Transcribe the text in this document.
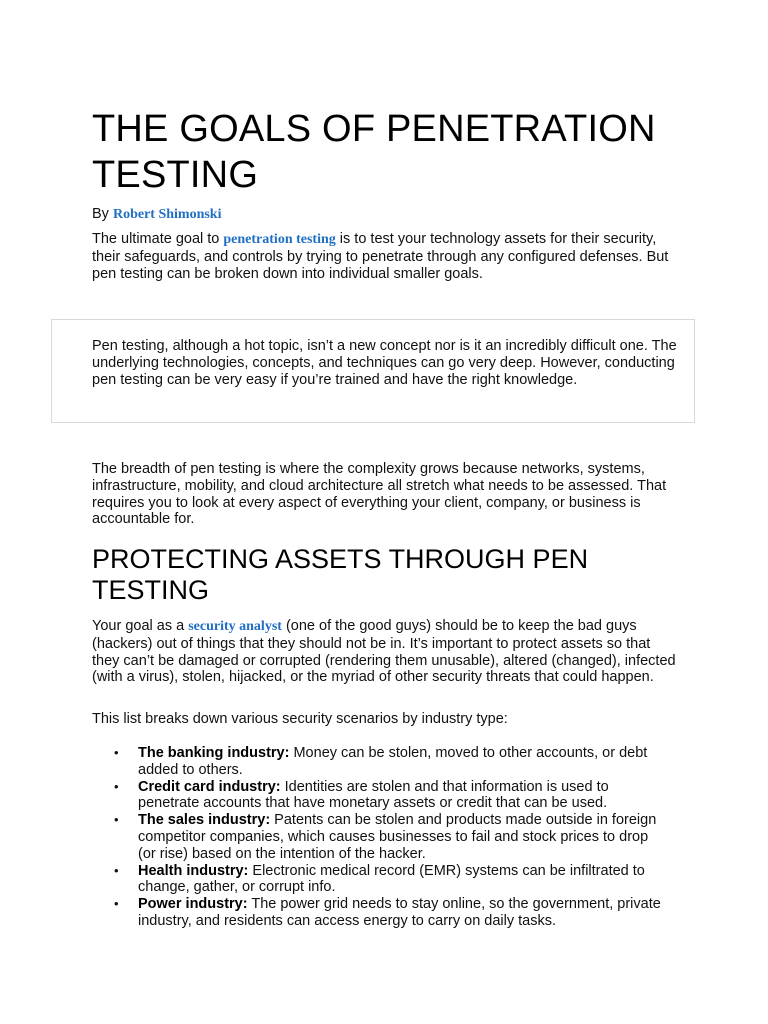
THE GOALS OF PENETRATION TESTING
By Robert Shimonski

The ultimate goal to penetration testing is to test your technology assets for their security, their safeguards, and controls by trying to penetrate through any configured defenses. But pen testing can be broken down into individual smaller goals.

Pen testing, although a hot topic, isn’t a new concept nor is it an incredibly difficult one. The underlying technologies, concepts, and techniques can go very deep. However, conducting pen testing can be very easy if you’re trained and have the right knowledge.

The breadth of pen testing is where the complexity grows because networks, systems, infrastructure, mobility, and cloud architecture all stretch what needs to be assessed. That requires you to look at every aspect of everything your client, company, or business is accountable for.

PROTECTING ASSETS THROUGH PEN TESTING

Your goal as a security analyst (one of the good guys) should be to keep the bad guys (hackers) out of things that they should not be in. It’s important to protect assets so that they can’t be damaged or corrupted (rendering them unusable), altered (changed), infected (with a virus), stolen, hijacked, or the myriad of other security threats that could happen.

This list breaks down various security scenarios by industry type:

• The banking industry: Money can be stolen, moved to other accounts, or debt added to others.
• Credit card industry: Identities are stolen and that information is used to penetrate accounts that have monetary assets or credit that can be used.
• The sales industry: Patents can be stolen and products made outside in foreign competitor companies, which causes businesses to fail and stock prices to drop (or rise) based on the intention of the hacker.
• Health industry: Electronic medical record (EMR) systems can be infiltrated to change, gather, or corrupt info.
• Power industry: The power grid needs to stay online, so the government, private industry, and residents can access energy to carry on daily tasks.
